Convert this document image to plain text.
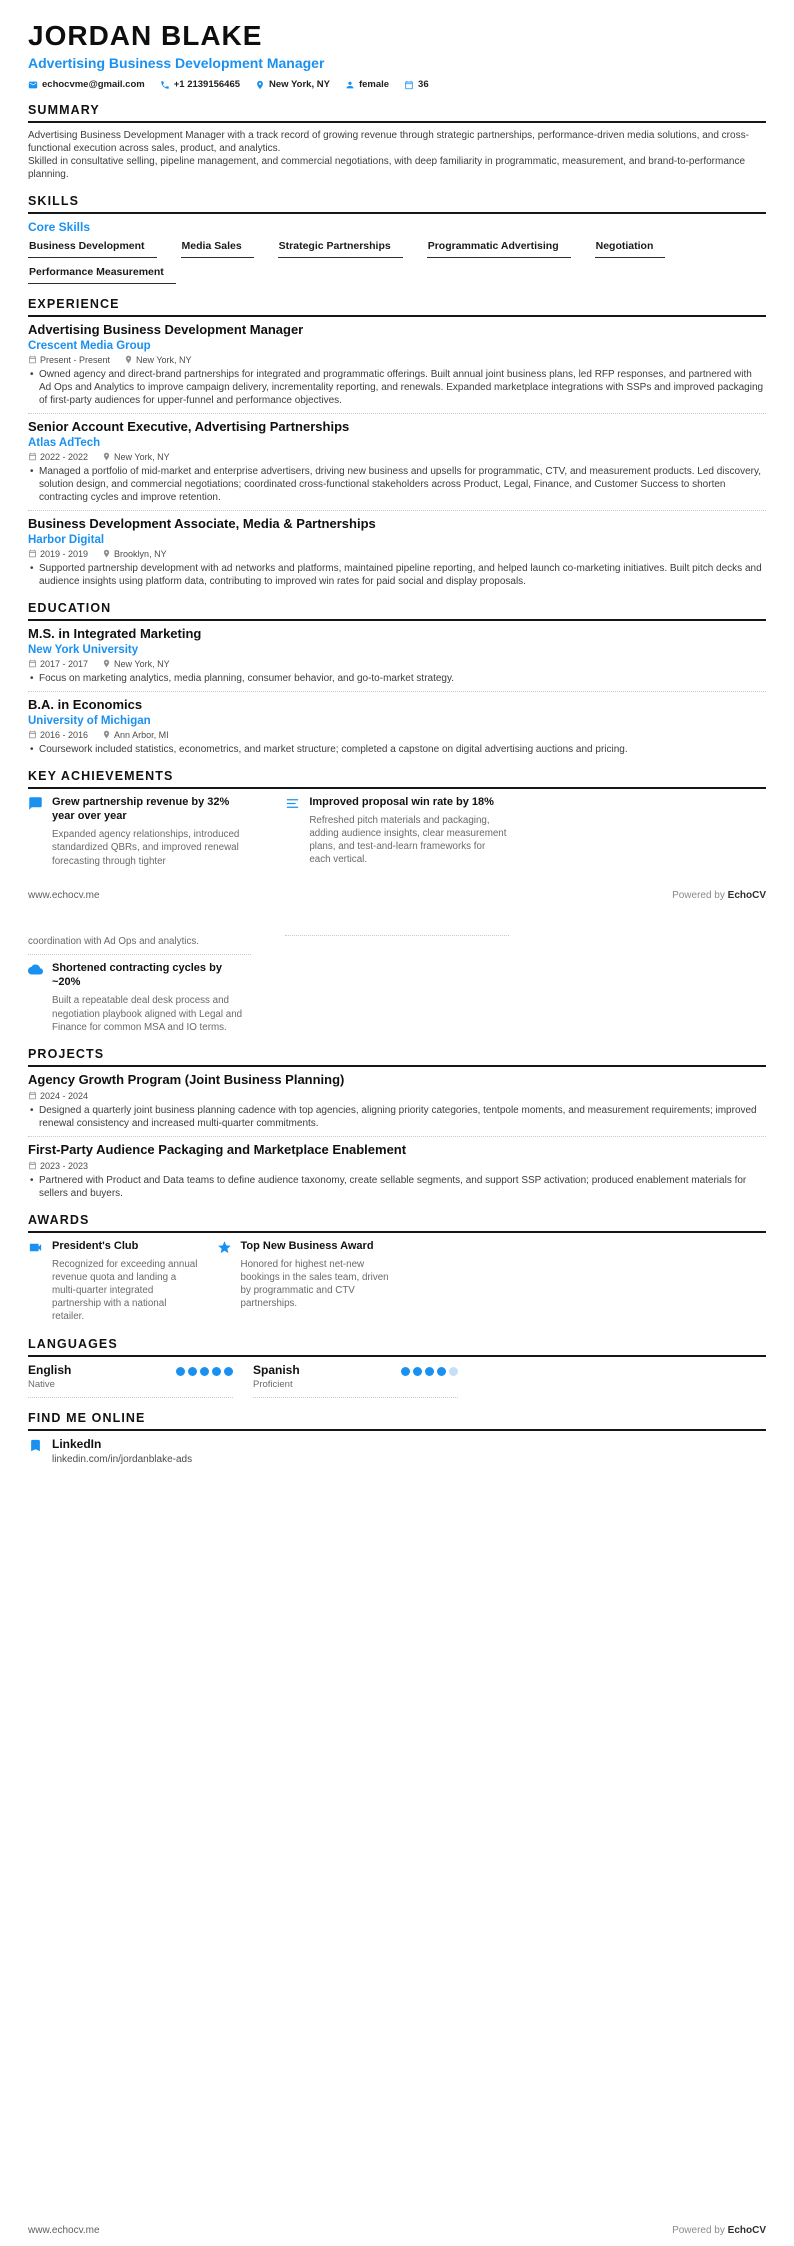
JORDAN BLAKE
Advertising Business Development Manager
echocvme@gmail.com	+1 2139156465	New York, NY	female	36
SUMMARY

Advertising Business Development Manager with a track record of growing revenue through strategic partnerships, performance-driven media solutions, and cross-functional execution across sales, product, and analytics.

Skilled in consultative selling, pipeline management, and commercial negotiations, with deep familiarity in programmatic, measurement, and brand-to-performance planning.

SKILLS
Core Skills
Business Development	Media Sales	Strategic Partnerships	Programmatic Advertising	Negotiation
Performance Measurement
EXPERIENCE
Advertising Business Development Manager
Crescent Media Group
Present - Present	New York, NY
• Owned agency and direct-brand partnerships for integrated and programmatic offerings. Built annual joint business plans, led RFP responses, and partnered with Ad Ops and Analytics to improve campaign delivery, incrementality reporting, and renewals. Expanded marketplace integrations with SSPs and improved packaging of first-party audiences for upper-funnel and performance objectives.
Senior Account Executive, Advertising Partnerships
Atlas AdTech
2022 - 2022	New York, NY
• Managed a portfolio of mid-market and enterprise advertisers, driving new business and upsells for programmatic, CTV, and measurement products. Led discovery, solution design, and commercial negotiations; coordinated cross-functional stakeholders across Product, Legal, Finance, and Customer Success to shorten contracting cycles and improve retention.
Business Development Associate, Media & Partnerships
Harbor Digital
2019 - 2019	Brooklyn, NY
• Supported partnership development with ad networks and platforms, maintained pipeline reporting, and helped launch co-marketing initiatives. Built pitch decks and audience insights using platform data, contributing to improved win rates for paid social and display proposals.
EDUCATION
M.S. in Integrated Marketing
New York University
2017 - 2017	New York, NY
• Focus on marketing analytics, media planning, consumer behavior, and go-to-market strategy.
B.A. in Economics
University of Michigan
2016 - 2016	Ann Arbor, MI
• Coursework included statistics, econometrics, and market structure; completed a capstone on digital advertising auctions and pricing.
KEY ACHIEVEMENTS
Grew partnership revenue by 32% year over year
Expanded agency relationships, introduced standardized QBRs, and improved renewal forecasting through tighter
Improved proposal win rate by 18%
Refreshed pitch materials and packaging, adding audience insights, clear measurement plans, and test-and-learn frameworks for each vertical.
www.echocv.me	Powered by EchoCV
coordination with Ad Ops and analytics.
Shortened contracting cycles by ~20%
Built a repeatable deal desk process and negotiation playbook aligned with Legal and Finance for common MSA and IO terms.
PROJECTS
Agency Growth Program (Joint Business Planning)
2024 - 2024
• Designed a quarterly joint business planning cadence with top agencies, aligning priority categories, tentpole moments, and measurement requirements; improved renewal consistency and increased multi-quarter commitments.
First-Party Audience Packaging and Marketplace Enablement
2023 - 2023
• Partnered with Product and Data teams to define audience taxonomy, create sellable segments, and support SSP activation; produced enablement materials for sellers and buyers.
AWARDS
President's Club
Recognized for exceeding annual revenue quota and landing a multi-quarter integrated partnership with a national retailer.
Top New Business Award
Honored for highest net-new bookings in the sales team, driven by programmatic and CTV partnerships.
LANGUAGES
English
Native
Spanish
Proficient
FIND ME ONLINE
LinkedIn
linkedin.com/in/jordanblake-ads
www.echocv.me	Powered by EchoCV
